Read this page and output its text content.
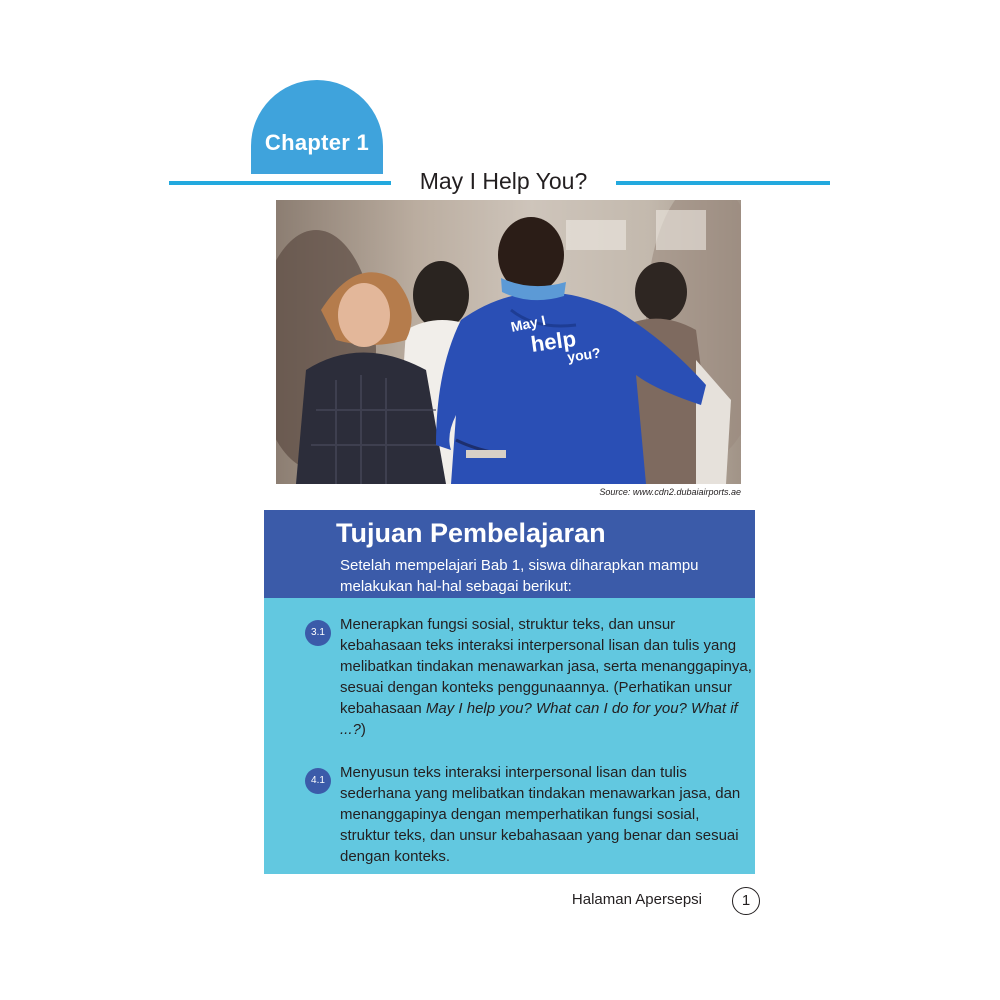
Chapter 1
May I Help You?
May I
help
you?
Source: www.cdn2.dubaiairports.ae
Tujuan Pembelajaran
Setelah mempelajari Bab 1, siswa diharapkan mampu melakukan hal-hal sebagai berikut:
3.1	Menerapkan fungsi sosial, struktur teks, dan unsur kebahasaan teks interaksi interpersonal lisan dan tulis yang melibatkan tindakan menawarkan jasa, serta menanggapinya, sesuai dengan konteks penggunaannya. (Perhatikan unsur kebahasaan May I help you? What can I do for you? What if ...?)
4.1	Menyusun teks interaksi interpersonal lisan dan tulis sederhana yang melibatkan tindakan menawarkan jasa, dan menanggapinya dengan memperhatikan fungsi sosial, struktur teks, dan unsur kebahasaan yang benar dan sesuai dengan konteks.
Halaman Apersepsi	1
